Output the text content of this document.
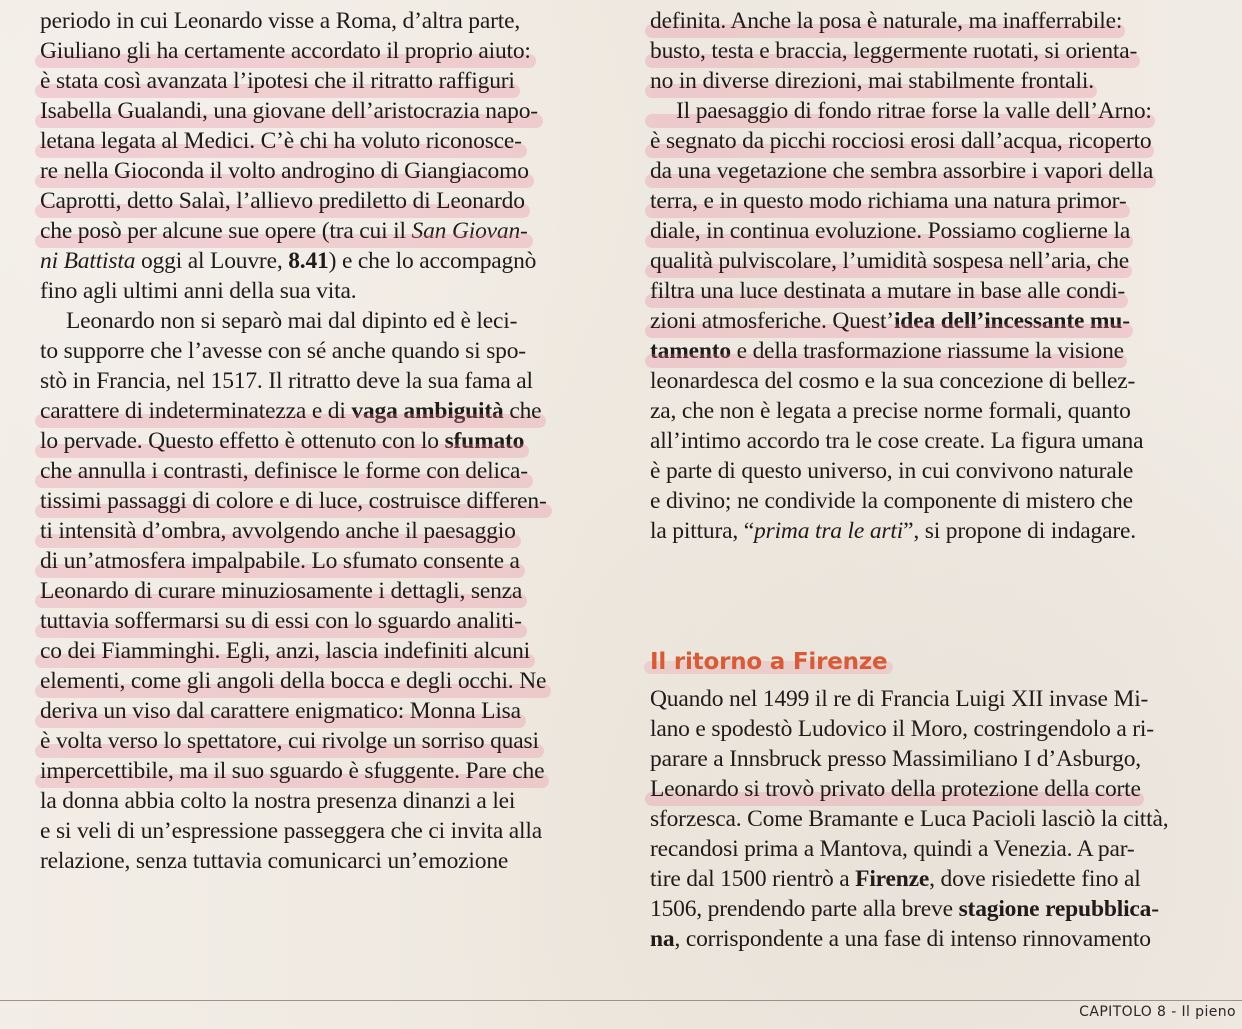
periodo in cui Leonardo visse a Roma, d’altra parte,
Giuliano gli ha certamente accordato il proprio aiuto:
è stata così avanzata l’ipotesi che il ritratto raffiguri
Isabella Gualandi, una giovane dell’aristocrazia napo-
letana legata al Medici. C’è chi ha voluto riconosce-
re nella Gioconda il volto androgino di Giangiacomo
Caprotti, detto Salaì, l’allievo prediletto di Leonardo
che posò per alcune sue opere (tra cui il San Giovan-
ni Battista oggi al Louvre, 8.41) e che lo accompagnò
fino agli ultimi anni della sua vita.
Leonardo non si separò mai dal dipinto ed è leci-
to supporre che l’avesse con sé anche quando si spo-
stò in Francia, nel 1517. Il ritratto deve la sua fama al
carattere di indeterminatezza e di vaga ambiguità che
lo pervade. Questo effetto è ottenuto con lo sfumato
che annulla i contrasti, definisce le forme con delica-
tissimi passaggi di colore e di luce, costruisce differen-
ti intensità d’ombra, avvolgendo anche il paesaggio
di un’atmosfera impalpabile. Lo sfumato consente a
Leonardo di curare minuziosamente i dettagli, senza
tuttavia soffermarsi su di essi con lo sguardo analiti-
co dei Fiamminghi. Egli, anzi, lascia indefiniti alcuni
elementi, come gli angoli della bocca e degli occhi. Ne
deriva un viso dal carattere enigmatico: Monna Lisa
è volta verso lo spettatore, cui rivolge un sorriso quasi
impercettibile, ma il suo sguardo è sfuggente. Pare che
la donna abbia colto la nostra presenza dinanzi a lei
e si veli di un’espressione passeggera che ci invita alla
relazione, senza tuttavia comunicarci un’emozione
definita. Anche la posa è naturale, ma inafferrabile:
busto, testa e braccia, leggermente ruotati, si orienta-
no in diverse direzioni, mai stabilmente frontali.
Il paesaggio di fondo ritrae forse la valle dell’Arno:
è segnato da picchi rocciosi erosi dall’acqua, ricoperto
da una vegetazione che sembra assorbire i vapori della
terra, e in questo modo richiama una natura primor-
diale, in continua evoluzione. Possiamo coglierne la
qualità pulviscolare, l’umidità sospesa nell’aria, che
filtra una luce destinata a mutare in base alle condi-
zioni atmosferiche. Quest’idea dell’incessante mu-
tamento e della trasformazione riassume la visione
leonardesca del cosmo e la sua concezione di bellez-
za, che non è legata a precise norme formali, quanto
all’intimo accordo tra le cose create. La figura umana
è parte di questo universo, in cui convivono naturale
e divino; ne condivide la componente di mistero che
la pittura, “prima tra le arti”, si propone di indagare.
Il ritorno a Firenze
Quando nel 1499 il re di Francia Luigi XII invase Mi-
lano e spodestò Ludovico il Moro, costringendolo a ri-
parare a Innsbruck presso Massimiliano I d’Asburgo,
Leonardo si trovò privato della protezione della corte
sforzesca. Come Bramante e Luca Pacioli lasciò la città,
recandosi prima a Mantova, quindi a Venezia. A par-
tire dal 1500 rientrò a Firenze, dove risiedette fino al
1506, prendendo parte alla breve stagione repubblica-
na, corrispondente a una fase di intenso rinnovamento
CAPITOLO 8 - Il pieno
